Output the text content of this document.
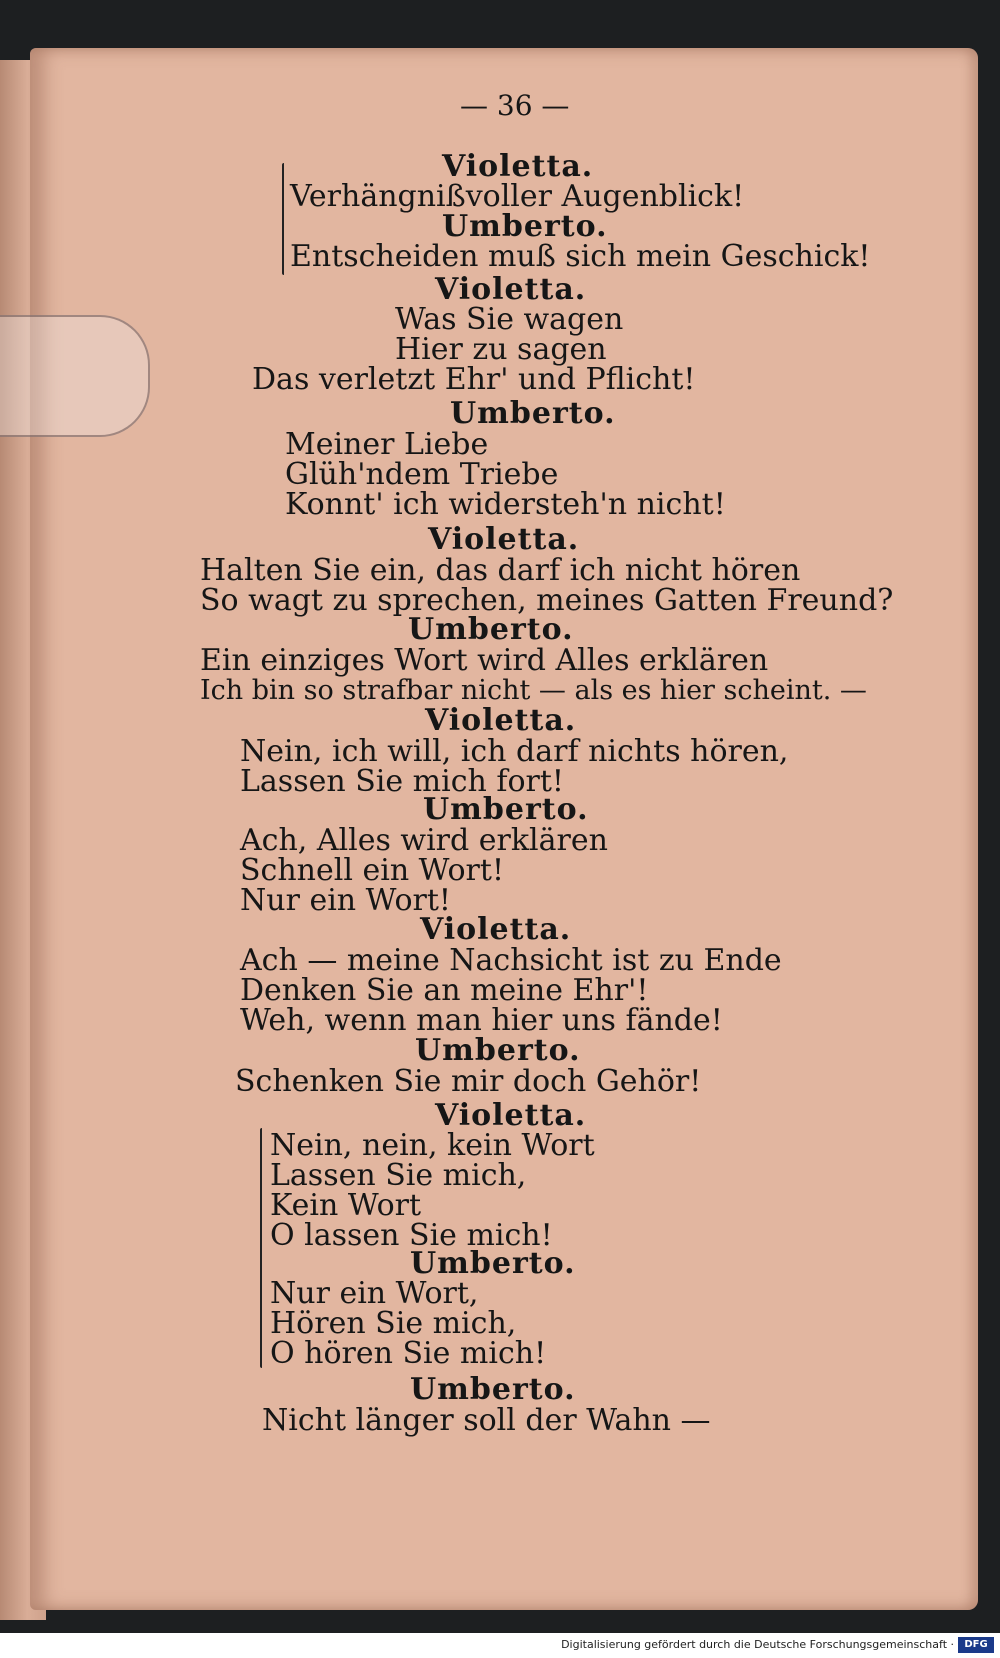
— 36 —
Violetta.
Verhängnißvoller Augenblick!
Umberto.
Entscheiden muß sich mein Geschick!
Violetta.
Was Sie wagen
Hier zu sagen
Das verletzt Ehr' und Pflicht!
Umberto.
Meiner Liebe
Glüh'ndem Triebe
Konnt' ich widersteh'n nicht!
Violetta.
Halten Sie ein, das darf ich nicht hören
So wagt zu sprechen, meines Gatten Freund?
Umberto.
Ein einziges Wort wird Alles erklären
Ich bin so strafbar nicht — als es hier scheint. —
Violetta.
Nein, ich will, ich darf nichts hören,
Lassen Sie mich fort!
Umberto.
Ach, Alles wird erklären
Schnell ein Wort!
Nur ein Wort!
Violetta.
Ach — meine Nachsicht ist zu Ende
Denken Sie an meine Ehr'!
Weh, wenn man hier uns fände!
Umberto.
Schenken Sie mir doch Gehör!
Violetta.
Nein, nein, kein Wort
Lassen Sie mich,
Kein Wort
O lassen Sie mich!
Umberto.
Nur ein Wort,
Hören Sie mich,
O hören Sie mich!
Umberto.
Nicht länger soll der Wahn —
Digitalisierung gefördert durch die Deutsche Forschungsgemeinschaft ·	DFG
